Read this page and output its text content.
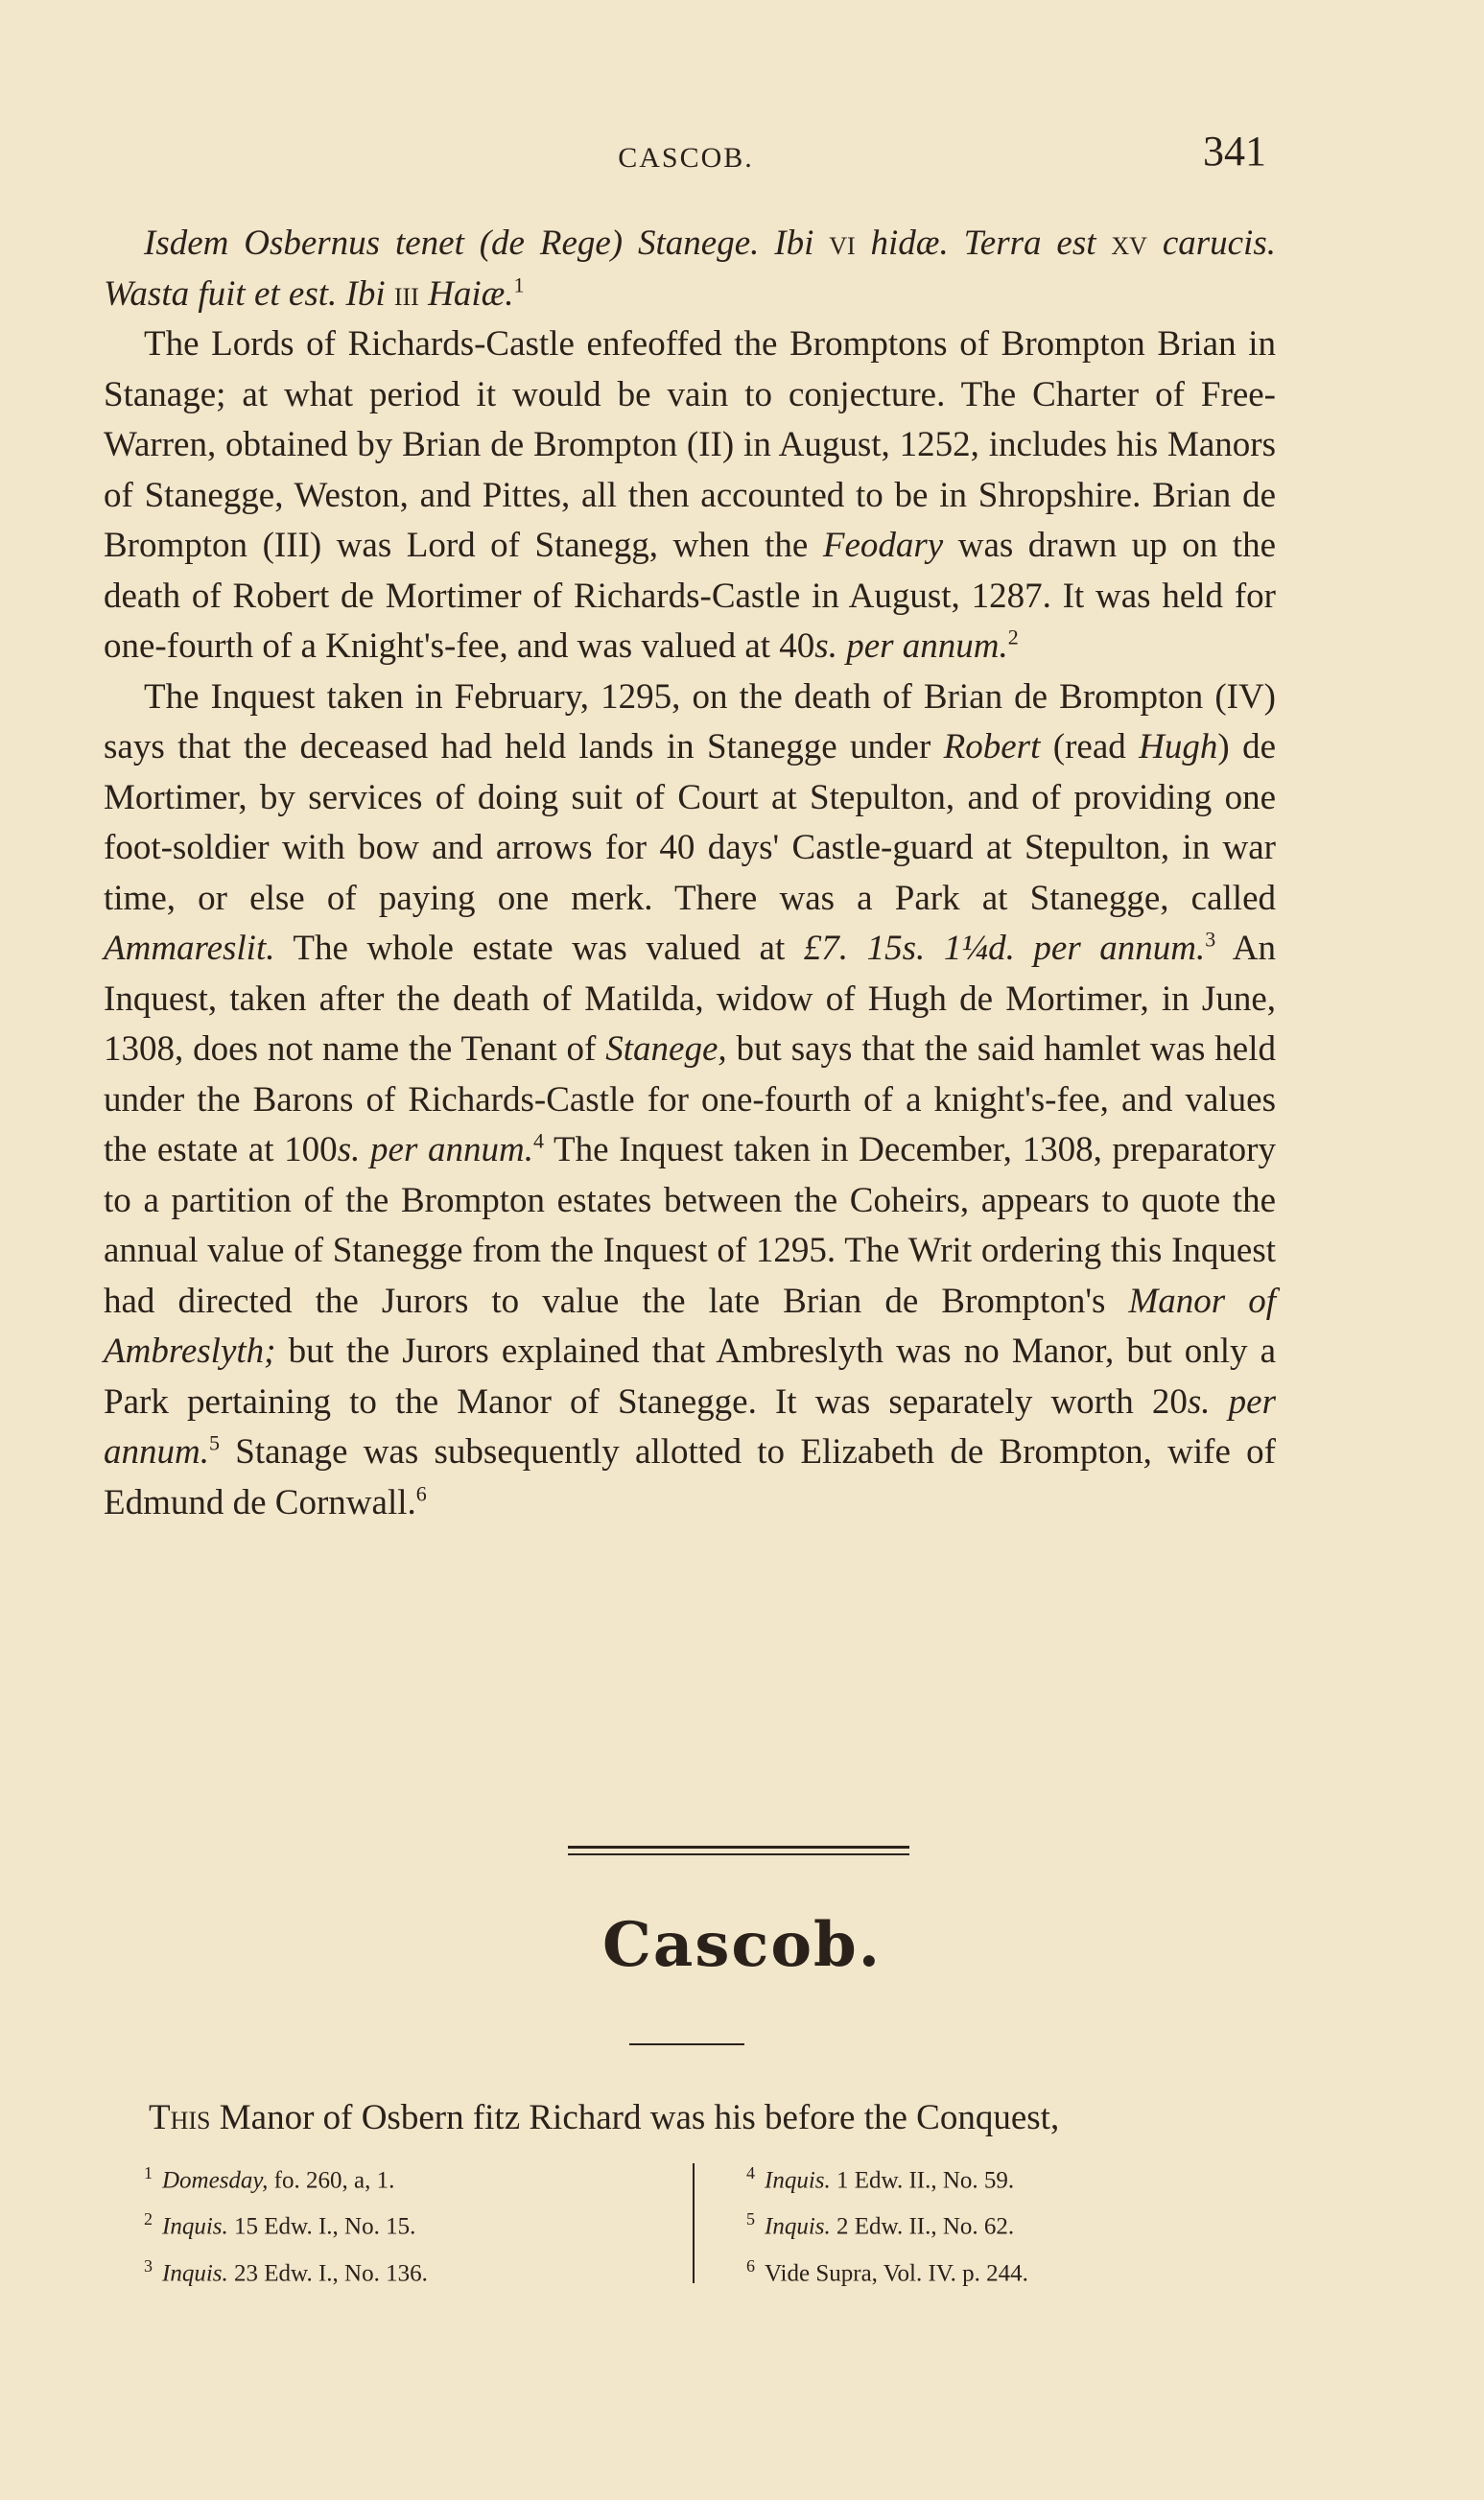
CASCOB.	341

Isdem Osbernus tenet (de Rege) Stanege. Ibi vi hidæ. Terra est xv carucis. Wasta fuit et est. Ibi iii Haiæ.$^1$

The Lords of Richards-Castle enfeoffed the Bromptons of Brompton Brian in Stanage; at what period it would be vain to conjecture. The Charter of Free-Warren, obtained by Brian de Brompton (II) in August, 1252, includes his Manors of Stanegge, Weston, and Pittes, all then accounted to be in Shropshire. Brian de Brompton (III) was Lord of Stanegg, when the Feodary was drawn up on the death of Robert de Mortimer of Richards-Castle in August, 1287. It was held for one-fourth of a Knight's-fee, and was valued at 40s. per annum.$^2$

The Inquest taken in February, 1295, on the death of Brian de Brompton (IV) says that the deceased had held lands in Stanegge under Robert (read Hugh) de Mortimer, by services of doing suit of Court at Stepulton, and of providing one foot-soldier with bow and arrows for 40 days' Castle-guard at Stepulton, in war time, or else of paying one merk. There was a Park at Stanegge, called Ammareslit. The whole estate was valued at £7. 15s. 1¼d. per annum.$^3$ An Inquest, taken after the death of Matilda, widow of Hugh de Mortimer, in June, 1308, does not name the Tenant of Stanege, but says that the said hamlet was held under the Barons of Richards-Castle for one-fourth of a knight's-fee, and values the estate at 100s. per annum.$^4$ The Inquest taken in December, 1308, preparatory to a partition of the Brompton estates between the Coheirs, appears to quote the annual value of Stanegge from the Inquest of 1295. The Writ ordering this Inquest had directed the Jurors to value the late Brian de Brompton's Manor of Ambreslyth; but the Jurors explained that Ambreslyth was no Manor, but only a Park pertaining to the Manor of Stanegge. It was separately worth 20s. per annum.$^5$ Stanage was subsequently allotted to Elizabeth de Brompton, wife of Edmund de Cornwall.$^6$

Cascob.
This Manor of Osbern fitz Richard was his before the Conquest,
$^1$ Domesday, fo. 260, a, 1.
$^2$ Inquis. 15 Edw. I., No. 15.
$^3$ Inquis. 23 Edw. I., No. 136.
$^4$ Inquis. 1 Edw. II., No. 59.
$^5$ Inquis. 2 Edw. II., No. 62.
$^6$ Vide Supra, Vol. IV. p. 244.
